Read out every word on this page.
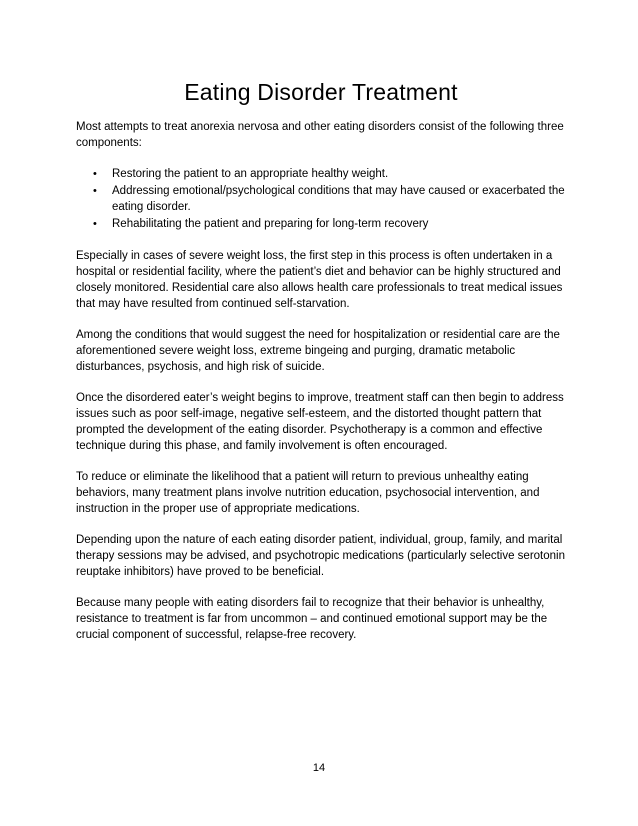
Eating Disorder Treatment

Most attempts to treat anorexia nervosa and other eating disorders consist of the following three components:

• Restoring the patient to an appropriate healthy weight.
• Addressing emotional/psychological conditions that may have caused or exacerbated the eating disorder.
• Rehabilitating the patient and preparing for long-term recovery

Especially in cases of severe weight loss, the first step in this process is often undertaken in a hospital or residential facility, where the patient’s diet and behavior can be highly structured and closely monitored. Residential care also allows health care professionals to treat medical issues that may have resulted from continued self-starvation.

Among the conditions that would suggest the need for hospitalization or residential care are the aforementioned severe weight loss, extreme bingeing and purging, dramatic metabolic disturbances, psychosis, and high risk of suicide.

Once the disordered eater’s weight begins to improve, treatment staff can then begin to address issues such as poor self-image, negative self-esteem, and the distorted thought pattern that prompted the development of the eating disorder. Psychotherapy is a common and effective technique during this phase, and family involvement is often encouraged.

To reduce or eliminate the likelihood that a patient will return to previous unhealthy eating behaviors, many treatment plans involve nutrition education, psychosocial intervention, and instruction in the proper use of appropriate medications.

Depending upon the nature of each eating disorder patient, individual, group, family, and marital therapy sessions may be advised, and psychotropic medications (particularly selective serotonin reuptake inhibitors) have proved to be beneficial.

Because many people with eating disorders fail to recognize that their behavior is unhealthy, resistance to treatment is far from uncommon – and continued emotional support may be the crucial component of successful, relapse-free recovery.

14
